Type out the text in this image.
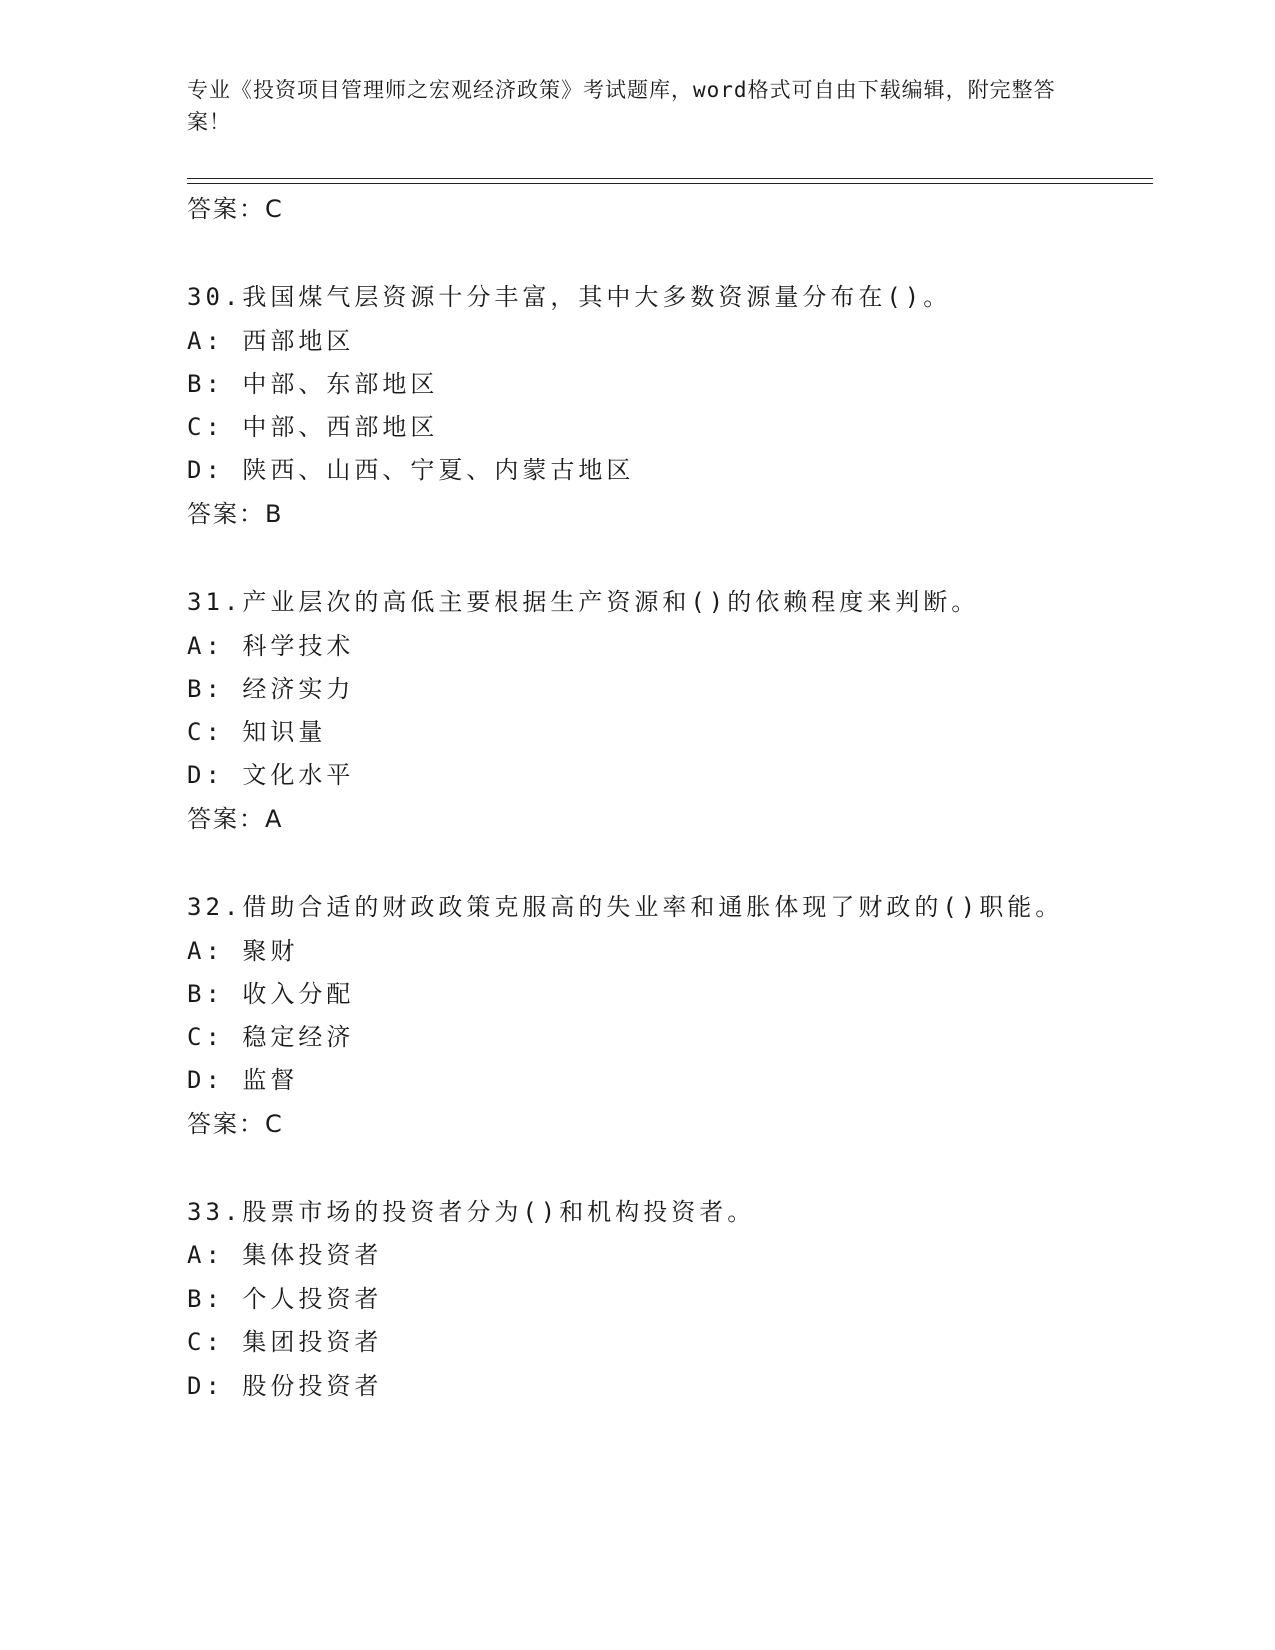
专业《投资项目管理师之宏观经济政策》考试题库，word格式可自由下载编辑，附完整答案！
答案：C
30.我国煤气层资源十分丰富，其中大多数资源量分布在()。
A: 西部地区
B: 中部、东部地区
C: 中部、西部地区
D: 陕西、山西、宁夏、内蒙古地区
答案：B
31.产业层次的高低主要根据生产资源和()的依赖程度来判断。
A: 科学技术
B: 经济实力
C: 知识量
D: 文化水平
答案：A
32.借助合适的财政政策克服高的失业率和通胀体现了财政的()职能。
A: 聚财
B: 收入分配
C: 稳定经济
D: 监督
答案：C
33.股票市场的投资者分为()和机构投资者。
A: 集体投资者
B: 个人投资者
C: 集团投资者
D: 股份投资者
